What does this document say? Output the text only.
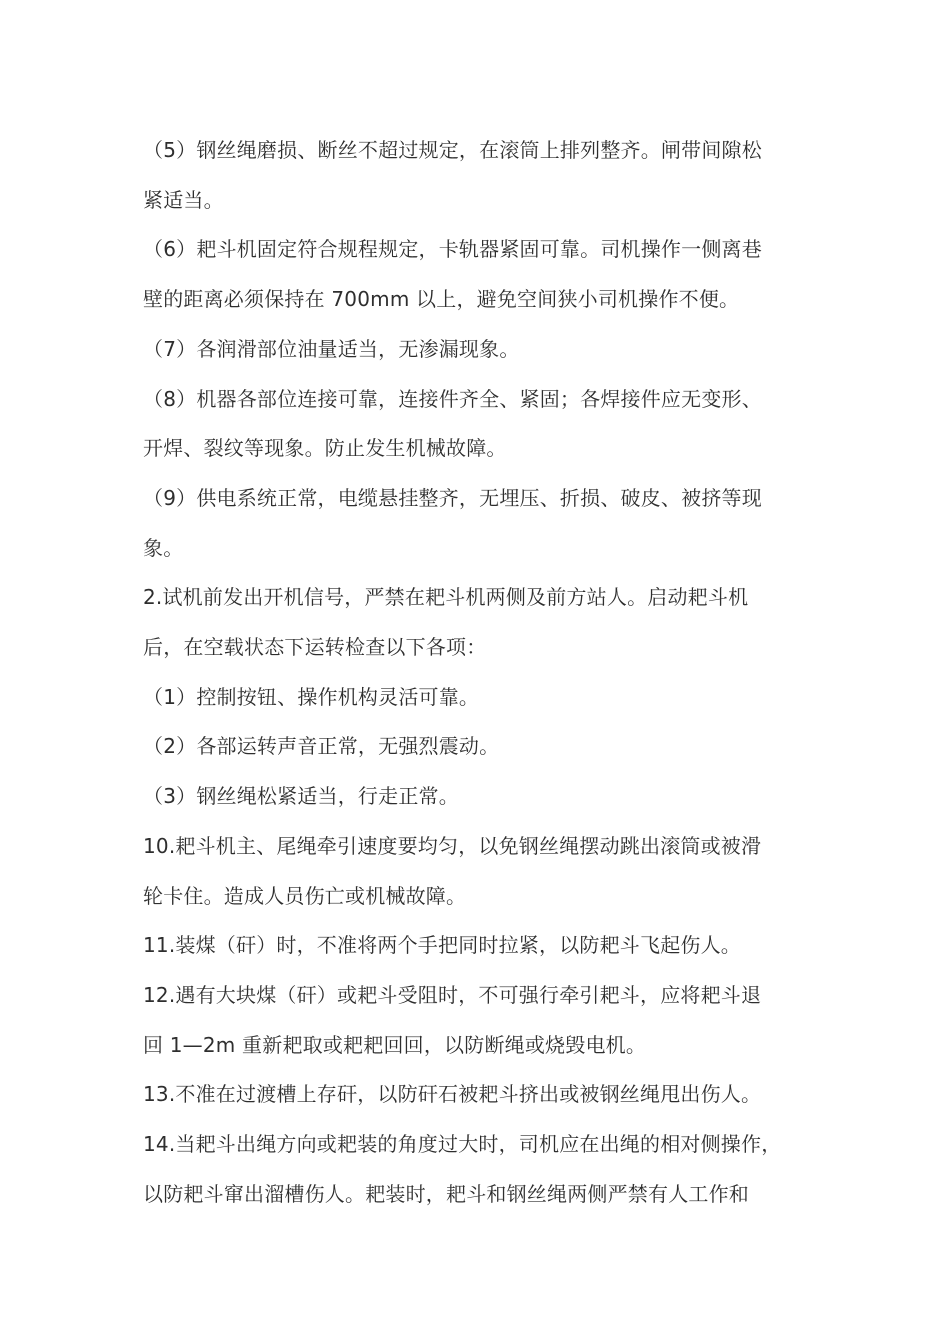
（5）钢丝绳磨损、断丝不超过规定，在滚筒上排列整齐。闸带间隙松

紧适当。

（6）耙斗机固定符合规程规定，卡轨器紧固可靠。司机操作一侧离巷

壁的距离必须保持在 700mm 以上，避免空间狭小司机操作不便。

（7）各润滑部位油量适当，无渗漏现象。

（8）机器各部位连接可靠，连接件齐全、紧固；各焊接件应无变形、

开焊、裂纹等现象。防止发生机械故障。

（9）供电系统正常，电缆悬挂整齐，无埋压、折损、破皮、被挤等现

象。

2.试机前发出开机信号，严禁在耙斗机两侧及前方站人。启动耙斗机

后，在空载状态下运转检查以下各项：

（1）控制按钮、操作机构灵活可靠。

（2）各部运转声音正常，无强烈震动。

（3）钢丝绳松紧适当，行走正常。

10.耙斗机主、尾绳牵引速度要均匀，以免钢丝绳摆动跳出滚筒或被滑

轮卡住。造成人员伤亡或机械故障。

11.装煤（矸）时，不准将两个手把同时拉紧，以防耙斗飞起伤人。

12.遇有大块煤（矸）或耙斗受阻时，不可强行牵引耙斗，应将耙斗退

回 1—2m 重新耙取或耙耙回回，以防断绳或烧毁电机。

13.不准在过渡槽上存矸，以防矸石被耙斗挤出或被钢丝绳甩出伤人。

14.当耙斗出绳方向或耙装的角度过大时，司机应在出绳的相对侧操作，

以防耙斗窜出溜槽伤人。耙装时，耙斗和钢丝绳两侧严禁有人工作和
